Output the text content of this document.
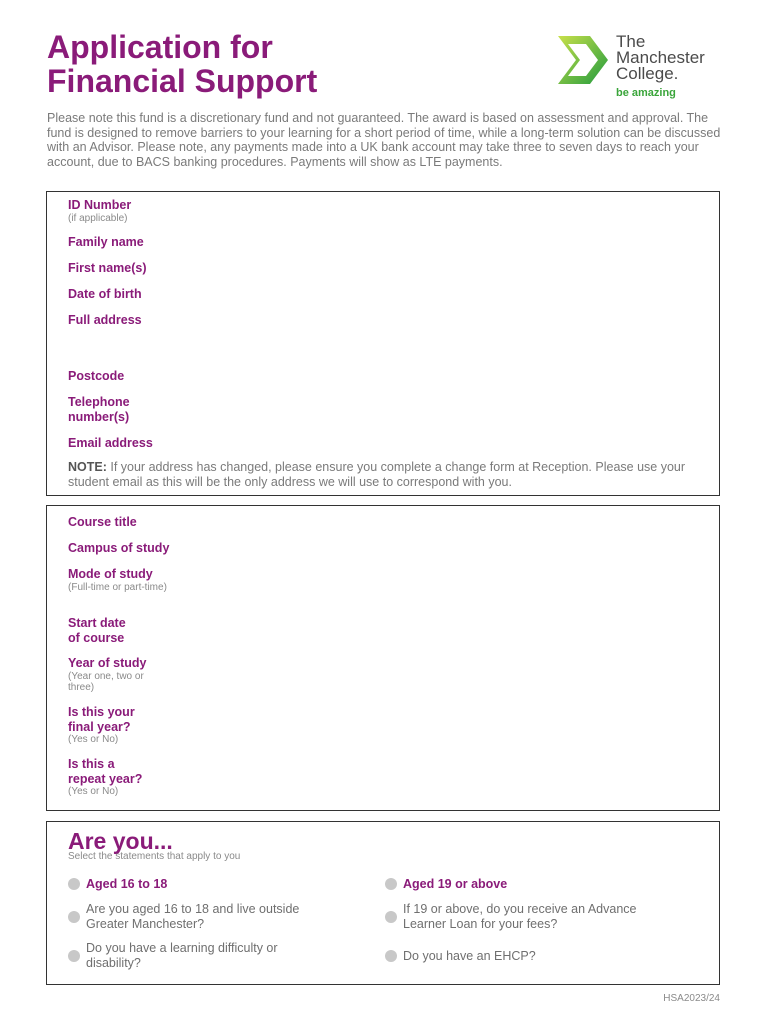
Application for
Financial Support
The
Manchester
College.
be amazing

Please note this fund is a discretionary fund and not guaranteed. The award is based on assessment and approval. The fund is designed to remove barriers to your learning for a short period of time, while a long-term solution can be discussed with an Advisor. Please note, any payments made into a UK bank account may take three to seven days to reach your account, due to BACS banking procedures. Payments will show as LTE payments.

ID Number
(if applicable)
Family name
First name(s)
Date of birth
Full address
Postcode
Telephone
number(s)
Email address
NOTE: If your address has changed, please ensure you complete a change form at Reception. Please use your student email as this will be the only address we will use to correspond with you.
Course title
Campus of study
Mode of study
(Full-time or part-time)
Start date
of course
Year of study
(Year one, two or three)
Is this your
final year?
(Yes or No)
Is this a
repeat year?
(Yes or No)
Are you...
Select the statements that apply to you
Aged 16 to 18	Aged 19 or above
Are you aged 16 to 18 and live outside Greater Manchester?
If 19 or above, do you receive an Advance Learner Loan for your fees?
Do you have a learning difficulty or disability?	Do you have an EHCP?
HSA2023/24
